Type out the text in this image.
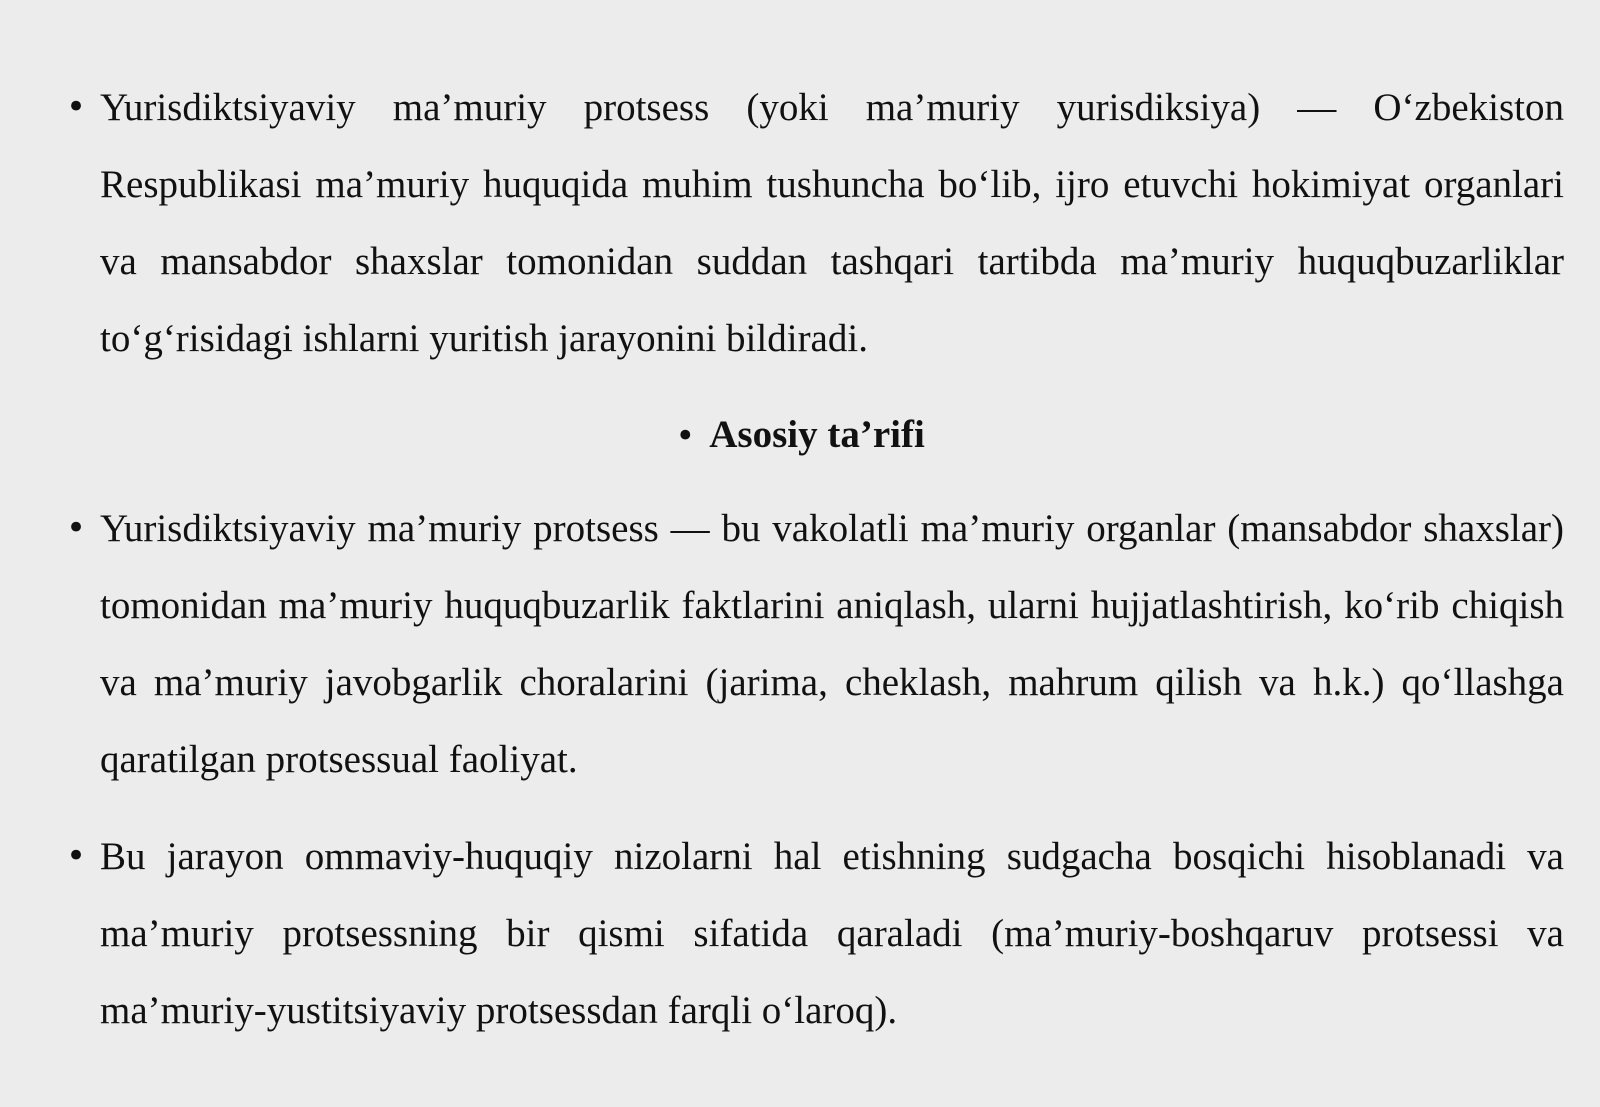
• Yurisdiktsiyaviy ma’muriy protsess (yoki ma’muriy yurisdiksiya) — O‘zbekiston Respublikasi ma’muriy huquqida muhim tushuncha bo‘lib, ijro etuvchi hokimiyat organlari va mansabdor shaxslar tomonidan suddan tashqari tartibda ma’muriy huquqbuzarliklar to‘g‘risidagi ishlarni yuritish jarayonini bildiradi.

• Asosiy ta’rifi

• Yurisdiktsiyaviy ma’muriy protsess — bu vakolatli ma’muriy organlar (mansabdor shaxslar) tomonidan ma’muriy huquqbuzarlik faktlarini aniqlash, ularni hujjatlashtirish, ko‘rib chiqish va ma’muriy javobgarlik choralarini (jarima, cheklash, mahrum qilish va h.k.) qo‘llashga qaratilgan protsessual faoliyat.

• Bu jarayon ommaviy-huquqiy nizolarni hal etishning sudgacha bosqichi hisoblanadi va ma’muriy protsessning bir qismi sifatida qaraladi (ma’muriy-boshqaruv protsessi va ma’muriy-yustitsiyaviy protsessdan farqli o‘laroq).
